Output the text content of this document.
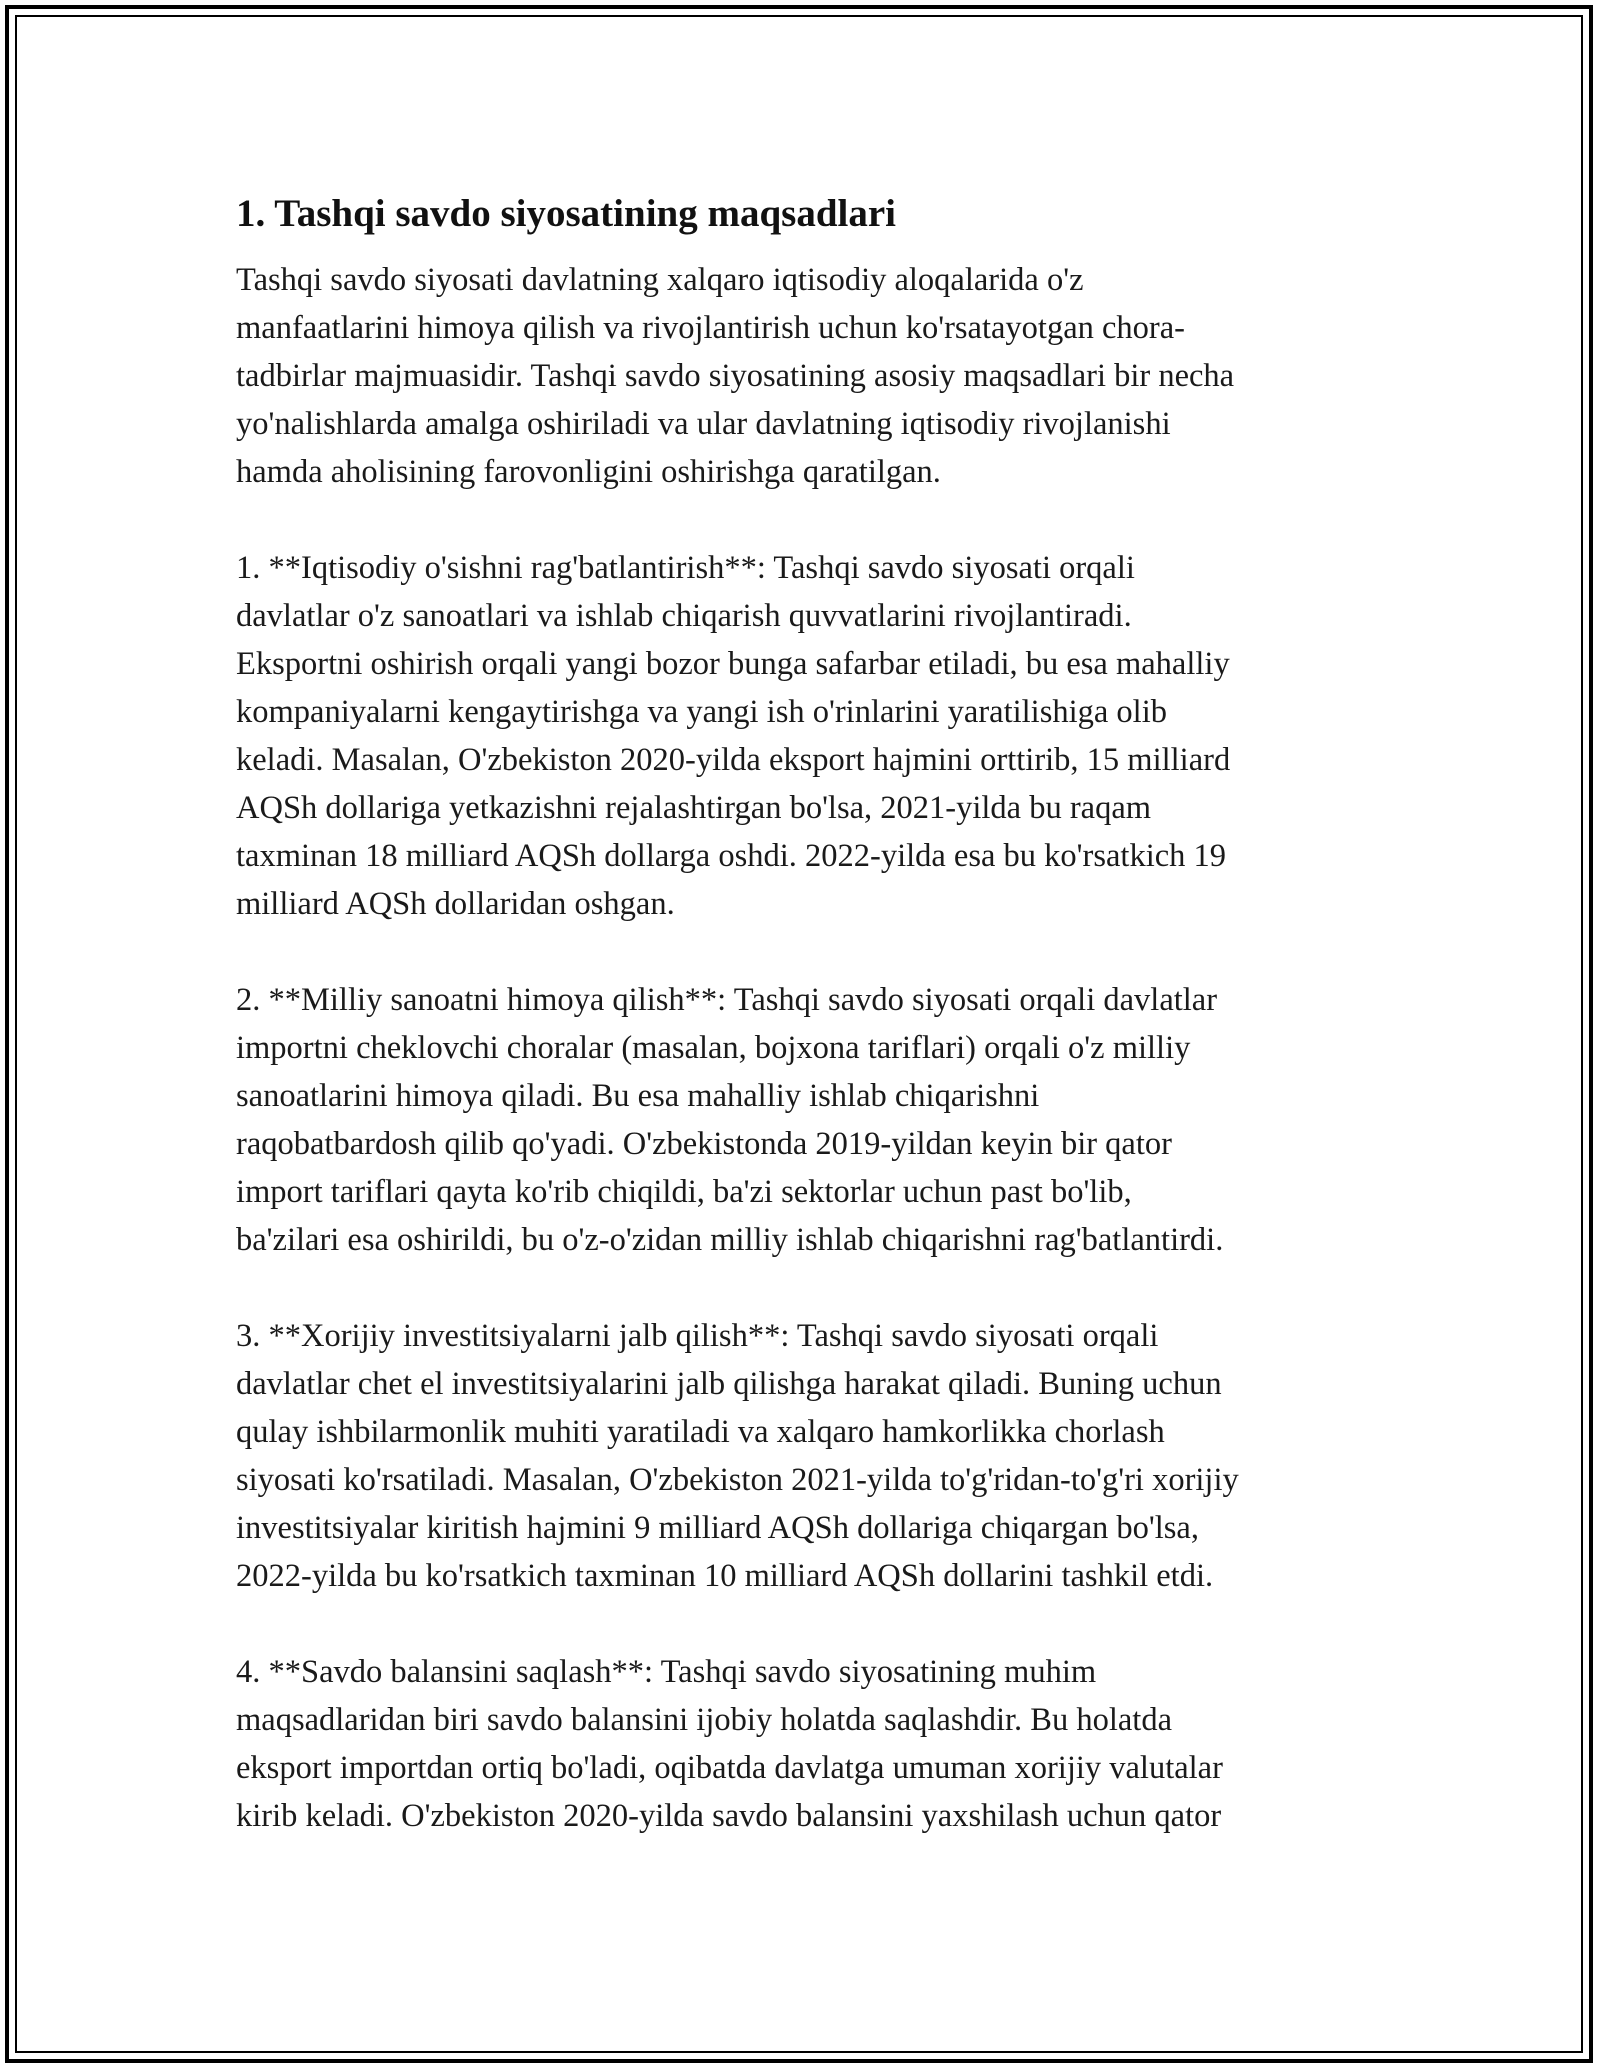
1. Tashqi savdo siyosatining maqsadlari
Tashqi savdo siyosati davlatning xalqaro iqtisodiy aloqalarida o'z
manfaatlarini himoya qilish va rivojlantirish uchun ko'rsatayotgan chora-
tadbirlar majmuasidir. Tashqi savdo siyosatining asosiy maqsadlari bir necha
yo'nalishlarda amalga oshiriladi va ular davlatning iqtisodiy rivojlanishi
hamda aholisining farovonligini oshirishga qaratilgan.
1. **Iqtisodiy o'sishni rag'batlantirish**: Tashqi savdo siyosati orqali
davlatlar o'z sanoatlari va ishlab chiqarish quvvatlarini rivojlantiradi.
Eksportni oshirish orqali yangi bozor bunga safarbar etiladi, bu esa mahalliy
kompaniyalarni kengaytirishga va yangi ish o'rinlarini yaratilishiga olib
keladi. Masalan, O'zbekiston 2020-yilda eksport hajmini orttirib, 15 milliard
AQSh dollariga yetkazishni rejalashtirgan bo'lsa, 2021-yilda bu raqam
taxminan 18 milliard AQSh dollarga oshdi. 2022-yilda esa bu ko'rsatkich 19
milliard AQSh dollaridan oshgan.
2. **Milliy sanoatni himoya qilish**: Tashqi savdo siyosati orqali davlatlar
importni cheklovchi choralar (masalan, bojxona tariflari) orqali o'z milliy
sanoatlarini himoya qiladi. Bu esa mahalliy ishlab chiqarishni
raqobatbardosh qilib qo'yadi. O'zbekistonda 2019-yildan keyin bir qator
import tariflari qayta ko'rib chiqildi, ba'zi sektorlar uchun past bo'lib,
ba'zilari esa oshirildi, bu o'z-o'zidan milliy ishlab chiqarishni rag'batlantirdi.
3. **Xorijiy investitsiyalarni jalb qilish**: Tashqi savdo siyosati orqali
davlatlar chet el investitsiyalarini jalb qilishga harakat qiladi. Buning uchun
qulay ishbilarmonlik muhiti yaratiladi va xalqaro hamkorlikka chorlash
siyosati ko'rsatiladi. Masalan, O'zbekiston 2021-yilda to'g'ridan-to'g'ri xorijiy
investitsiyalar kiritish hajmini 9 milliard AQSh dollariga chiqargan bo'lsa,
2022-yilda bu ko'rsatkich taxminan 10 milliard AQSh dollarini tashkil etdi.
4. **Savdo balansini saqlash**: Tashqi savdo siyosatining muhim
maqsadlaridan biri savdo balansini ijobiy holatda saqlashdir. Bu holatda
eksport importdan ortiq bo'ladi, oqibatda davlatga umuman xorijiy valutalar
kirib keladi. O'zbekiston 2020-yilda savdo balansini yaxshilash uchun qator
